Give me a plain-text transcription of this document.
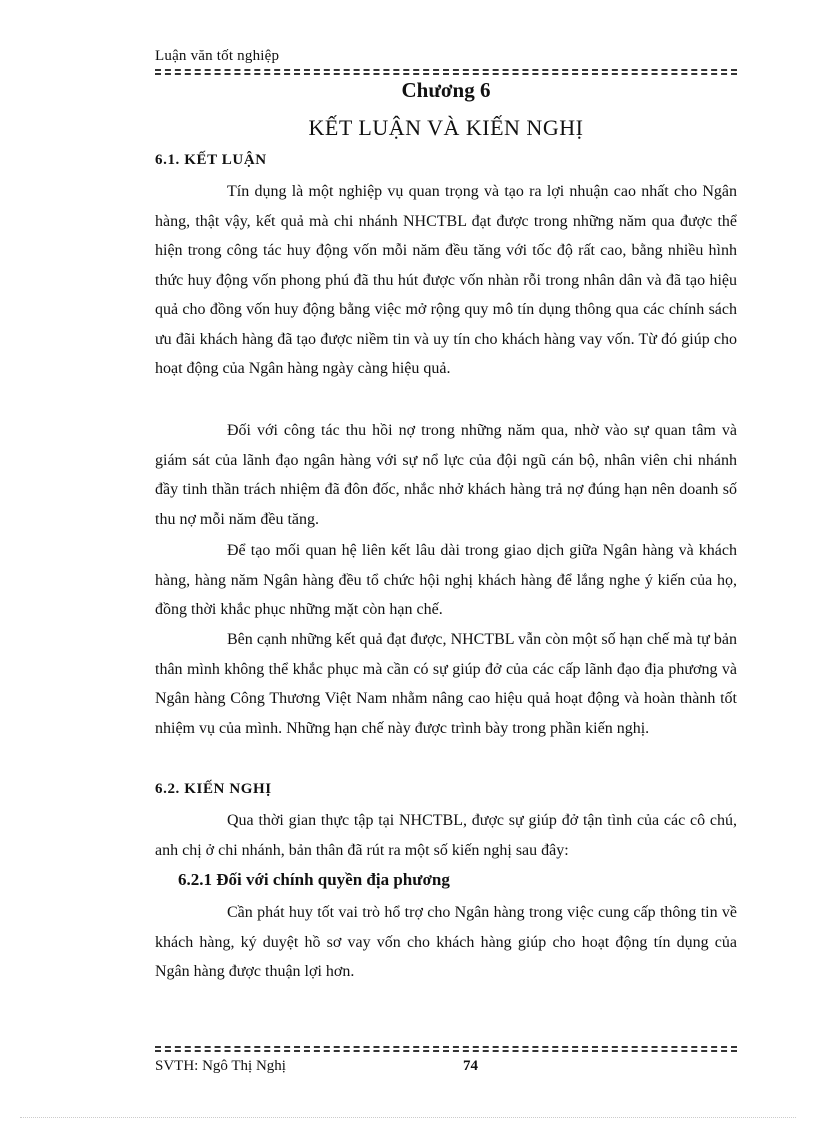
Luận văn tốt nghiệp
Chương 6
KẾT LUẬN VÀ KIẾN NGHỊ
6.1. KẾT LUẬN

Tín dụng là một nghiệp vụ quan trọng và tạo ra lợi nhuận cao nhất cho Ngân hàng, thật vậy, kết quả mà chi nhánh NHCTBL đạt được trong những năm qua được thể hiện trong công tác huy động vốn mỗi năm đều tăng với tốc độ rất cao, bằng nhiều hình thức huy động vốn phong phú đã thu hút được vốn nhàn rỗi trong nhân dân và đã tạo hiệu quả cho đồng vốn huy động bằng việc mở rộng quy mô tín dụng thông qua các chính sách ưu đãi khách hàng đã tạo được niềm tin và uy tín cho khách hàng vay vốn. Từ đó giúp cho hoạt động của Ngân hàng ngày càng hiệu quả.

Đối với công tác thu hồi nợ trong những năm qua, nhờ vào sự quan tâm và giám sát của lãnh đạo ngân hàng với sự nổ lực của đội ngũ cán bộ, nhân viên chi nhánh đầy tinh thần trách nhiệm đã đôn đốc, nhắc nhở khách hàng trả nợ đúng hạn nên doanh số thu nợ mỗi năm đều tăng.

Để tạo mối quan hệ liên kết lâu dài trong giao dịch giữa Ngân hàng và khách hàng, hàng năm Ngân hàng đều tổ chức hội nghị khách hàng để lắng nghe ý kiến của họ, đồng thời khắc phục những mặt còn hạn chế.

Bên cạnh những kết quả đạt được, NHCTBL vẫn còn một số hạn chế mà tự bản thân mình không thể khắc phục mà cần có sự giúp đở của các cấp lãnh đạo địa phương và Ngân hàng Công Thương Việt Nam nhằm nâng cao hiệu quả hoạt động và hoàn thành tốt nhiệm vụ của mình. Những hạn chế này được trình bày trong phần kiến nghị.

6.2. KIẾN NGHỊ

Qua thời gian thực tập tại NHCTBL, được sự giúp đở tận tình của các cô chú, anh chị ở chi nhánh, bản thân đã rút ra một số kiến nghị sau đây:

6.2.1 Đối với chính quyền địa phương

Cần phát huy tốt vai trò hổ trợ cho Ngân hàng trong việc cung cấp thông tin về khách hàng, ký duyệt hồ sơ vay vốn cho khách hàng giúp cho hoạt động tín dụng của Ngân hàng được thuận lợi hơn.

SVTH: Ngô Thị Nghị	74
